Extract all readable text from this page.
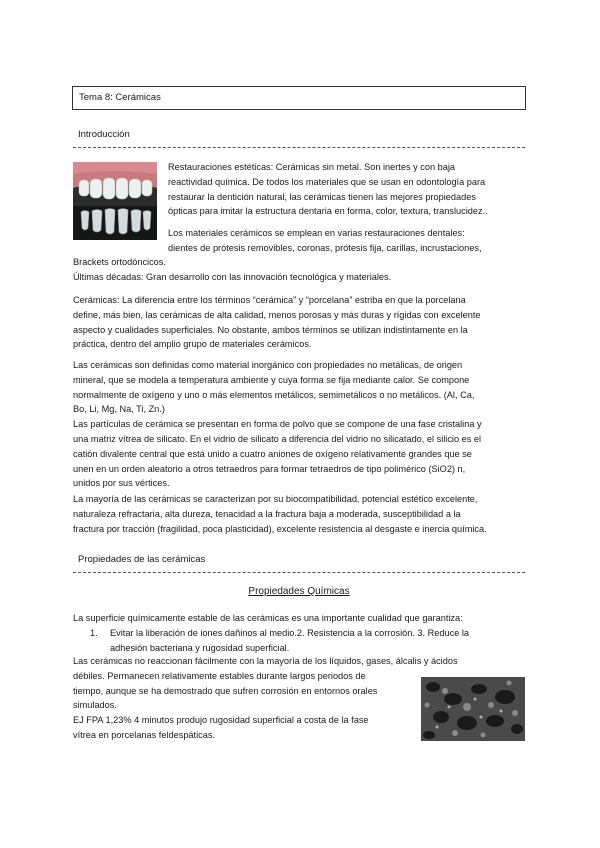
Tema 8: Cerámicas
Introducción

Restauraciones estéticas: Cerámicas sin metal. Son inertes y con baja

reactividad química. De todos los materiales que se usan en odontología para

restaurar la dentición natural, las cerámicas tienen las mejores propiedades

ópticas para imitar la estructura dentaria en forma, color, textura, translucidez..

Los materiales cerámicos se emplean en varias restauraciones dentales:

dientes de prótesis removibles, coronas, prótesis fija, carillas, incrustaciones,

Brackets ortodóncicos.

Últimas décadas: Gran desarrollo con las innovación tecnológica y materiales.

Cerámicas: La diferencia entre los términos “cerámica” y “porcelana” estriba en que la porcelana

define, más bien, las cerámicas de alta calidad, menos porosas y más duras y rígidas con excelente

aspecto y cualidades superficiales. No obstante, ambos términos se utilizan indistintamente en la

práctica, dentro del amplio grupo de materiales cerámicos.

Las cerámicas son definidas como material inorgánico con propiedades no metálicas, de origen

mineral, que se modela a temperatura ambiente y cuya forma se fija mediante calor. Se compone

normalmente de oxígeno y uno o más elementos metálicos, semimetálicos o no metálicos. (Al, Ca,

Bo, Li, Mg, Na, Ti, Zn.)

Las partículas de cerámica se presentan en forma de polvo que se compone de una fase cristalina y

una matriz vítrea de silicato. En el vidrio de silicato a diferencia del vidrio no silicatado, el silicio es el

catión divalente central que está unido a cuatro aniones de oxígeno relativamente grandes que se

unen en un orden aleatorio a otros tetraedros para formar tetraedros de tipo polimérico (SiO2) n,

unidos por sus vértices.

La mayoría de las cerámicas se caracterizan por su biocompatibilidad, potencial estético excelente,

naturaleza refractaria, alta dureza, tenacidad a la fractura baja a moderada, susceptibilidad a la

fractura por tracción (fragilidad, poca plasticidad), excelente resistencia al desgaste e inercia química.

Propiedades de las cerámicas
Propiedades Químicas

La superficie químicamente estable de las cerámicas es una importante cualidad que garantiza:

1. Evitar la liberación de iones dañinos al medio.2. Resistencia a la corrosión. 3. Reduce la

adhesión bacteriana y rugosidad superficial.

Las cerámicas no reaccionan fácilmente con la mayoría de los líquidos, gases, álcalis y ácidos

débiles. Permanecen relativamente estables durante largos periodos de

tiempo, aunque se ha demostrado que sufren corrosión en entornos orales

simulados.

EJ FPA 1,23% 4 minutos produjo rugosidad superficial a costa de la fase

vítrea en porcelanas feldespáticas.
